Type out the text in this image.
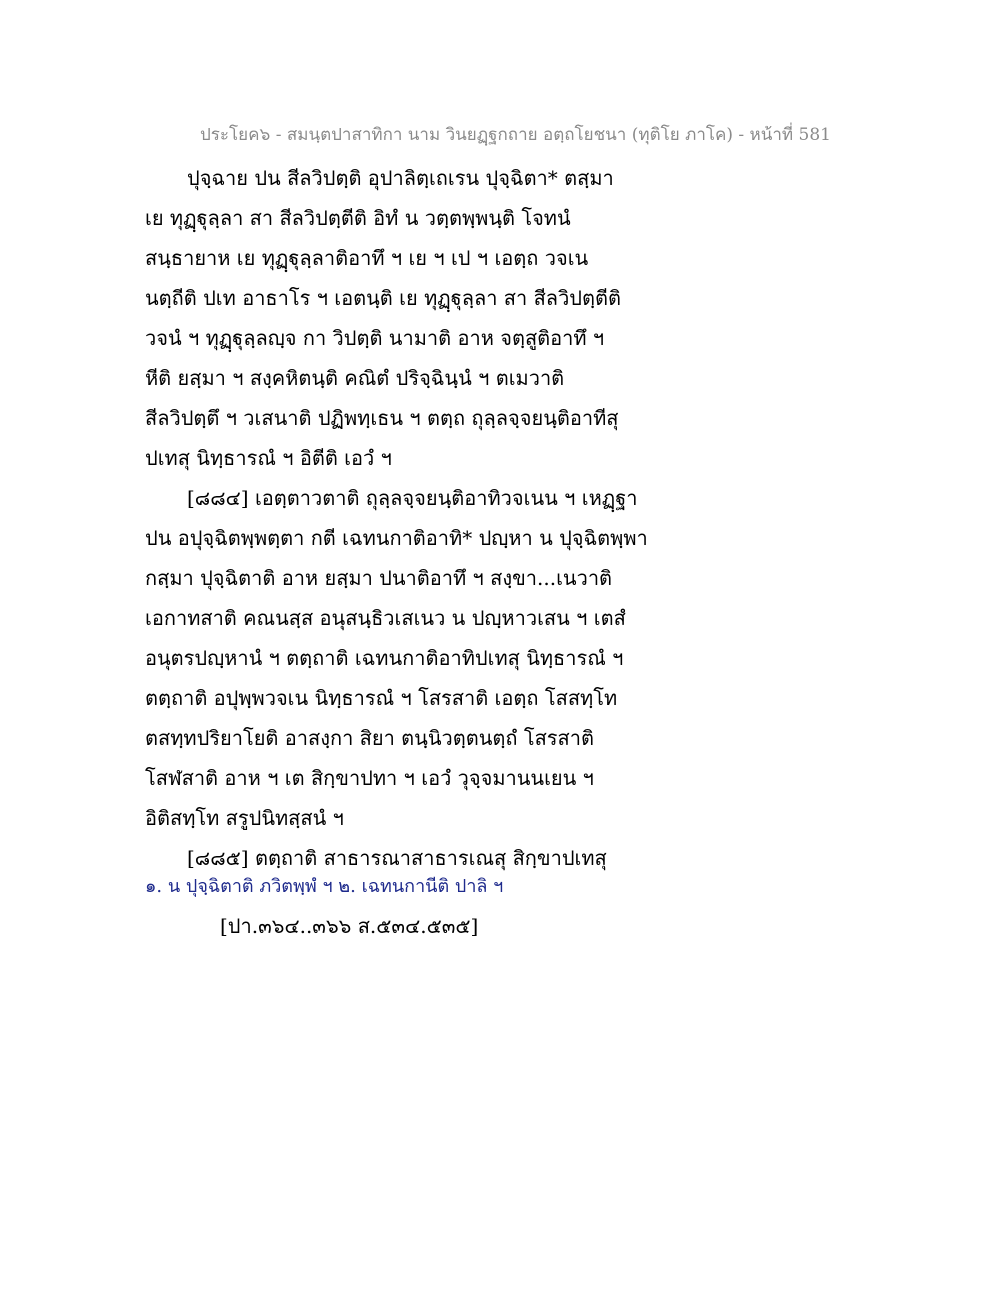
ประโยค๖ - สมนฺตปาสาทิกา นาม วินยฏฺฐกถาย อตฺถโยชนา (ทุติโย ภาโค) - หน้าที่ 581
ปุจฺฉาย ปน สีลวิปตฺติ อุปาลิตฺเถเรน ปุจฺฉิตา* ตสฺมา
เย ทุฏฺฐุลฺลา สา สีลวิปตฺตีติ อิทํ น วตฺตพฺพนฺติ โจทนํ
สนฺธายาห เย ทุฏฺฐุลฺลาติอาทึ ฯ เย ฯ เป ฯ เอตฺถ วจเน
นตฺถีติ ปเท อาธาโร ฯ เอตนฺติ เย ทุฏฺฐุลฺลา สา สีลวิปตฺตีติ
วจนํ ฯ ทุฏฺฐุลฺลญฺจ กา วิปตฺติ นามาติ อาห จตฺสูติอาทึ ฯ
หีติ ยสฺมา ฯ สงฺคหิตนฺติ คณิตํ ปริจฺฉินฺนํ ฯ ตเมวาติ
สีลวิปตฺตึ ฯ วเสนาติ ปฏิพทฺเธน ฯ ตตฺถ ถุลฺลจฺจยนฺติอาทีสุ
ปเทสุ นิทฺธารณํ ฯ อิตีติ เอวํ ฯ
[๘๘๔] เอตฺตาวตาติ ถุลฺลจฺจยนฺติอาทิวจเนน ฯ เหฏฺฐา
ปน อปุจฺฉิตพฺพตฺตา กตี เฉทนกาติอาทิ* ปญฺหา น ปุจฺฉิตพฺพา
กสฺมา ปุจฺฉิตาติ อาห ยสฺมา ปนาติอาทึ ฯ สงฺขา...เนวาติ
เอกาทสาติ คณนสฺส อนุสนฺธิวเสเนว น ปญฺหาวเสน ฯ เตสํ
อนุตรปญฺหานํ ฯ ตตฺถาติ เฉทนกาติอาทิปเทสุ นิทฺธารณํ ฯ
ตตฺถาติ อปุพฺพวจเน นิทฺธารณํ ฯ โสรสาติ เอตฺถ โสสทฺโท
ตสทฺทปริยาโยติ อาสงฺกา สิยา ตนฺนิวตฺตนตฺถํ โสรสาติ
โสฬสาติ อาห ฯ เต สิกฺขาปทา ฯ เอวํ วุจฺจมานนเยน ฯ
อิติสทฺโท สรูปนิทสฺสนํ ฯ
[๘๘๕] ตตฺถาติ สาธารณาสาธารเณสุ สิกฺขาปเทสุ
๑. น ปุจฺฉิตาติ ภวิตพฺพํ ฯ ๒. เฉทนกานีติ ปาลิ ฯ
[ปา.๓๖๔..๓๖๖ ส.๕๓๔.๕๓๕]
